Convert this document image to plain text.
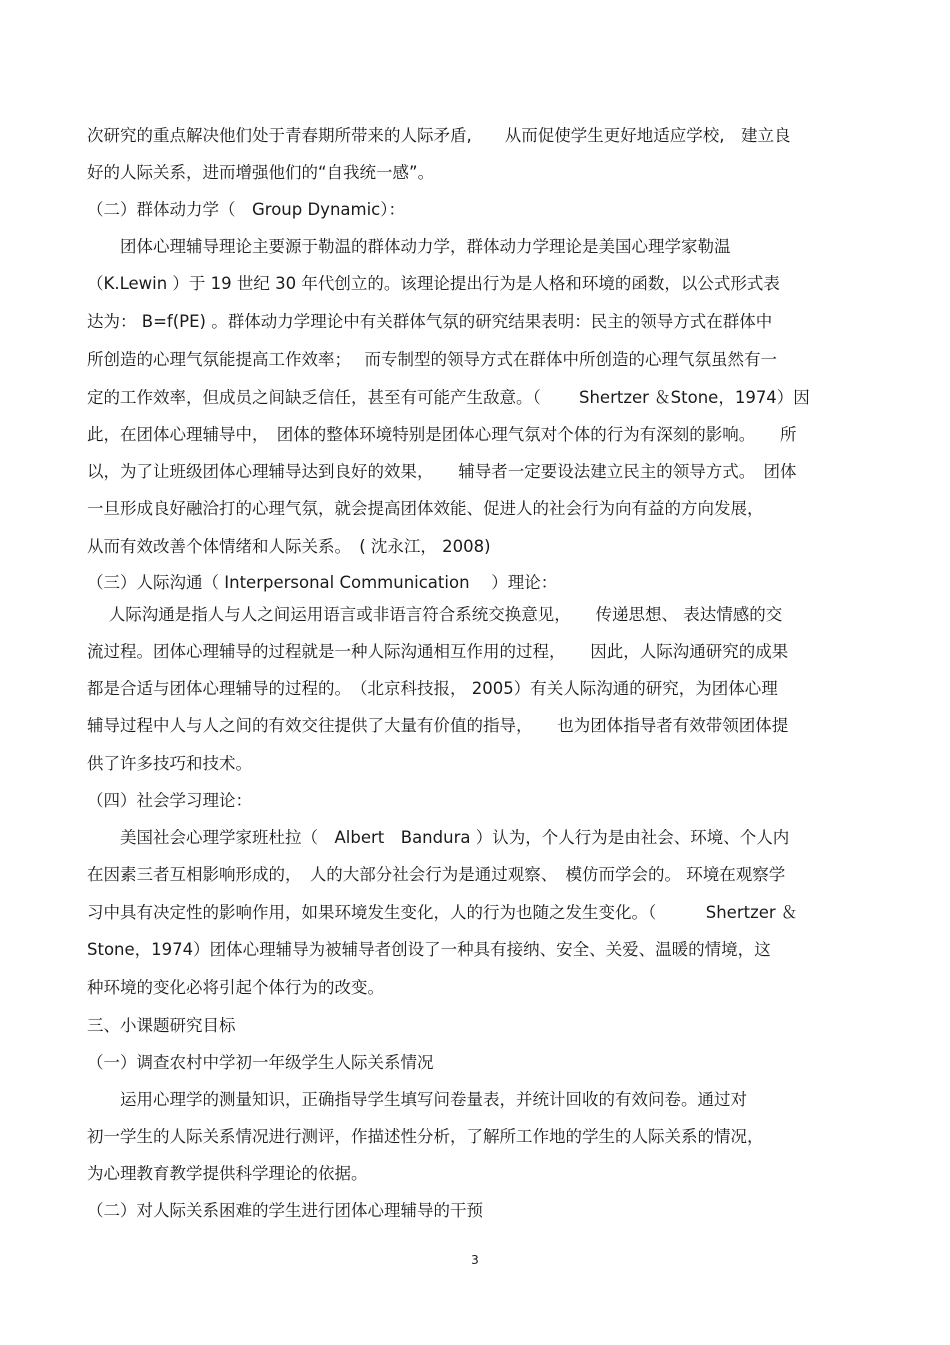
次研究的重点解决他们处于青春期所带来的人际矛盾,　　从而促使学生更好地适应学校,　建立良
好的人际关系，进而增强他们的“自我统一感”。
（二）群体动力学（　Group Dynamic）：
　　团体心理辅导理论主要源于勒温的群体动力学，群体动力学理论是美国心理学家勒温
（K.Lewin ）于 19 世纪 30 年代创立的。该理论提出行为是人格和环境的函数，以公式形式表
达为： B=f(PE) 。群体动力学理论中有关群体气氛的研究结果表明：民主的领导方式在群体中
所创造的心理气氛能提高工作效率；　 而专制型的领导方式在群体中所创造的心理气氛虽然有一
定的工作效率，但成员之间缺乏信任，甚至有可能产生敌意。（　　 Shertzer ＆Stone，1974）因
此，在团体心理辅导中，　团体的整体环境特别是团体心理气氛对个体的行为有深刻的影响。　　所
以，为了让班级团体心理辅导达到良好的效果，　　辅导者一定要设法建立民主的领导方式。　团体
一旦形成良好融洽打的心理气氛，就会提高团体效能、促进人的社会行为向有益的方向发展，
从而有效改善个体情绪和人际关系。　( 沈永江， 2008)
（三）人际沟通（ Interpersonal Communication　 ）理论：
　 人际沟通是指人与人之间运用语言或非语言符合系统交换意见，　　传递思想、 表达情感的交
流过程。团体心理辅导的过程就是一种人际沟通相互作用的过程，　　因此，人际沟通研究的成果
都是合适与团体心理辅导的过程的。　（北京科技报， 2005）有关人际沟通的研究，为团体心理
辅导过程中人与人之间的有效交往提供了大量有价值的指导，　　也为团体指导者有效带领团体提
供了许多技巧和技术。
（四）社会学习理论：
　　美国社会心理学家班杜拉（　Albert　Bandura ）认为，个人行为是由社会、环境、个人内
在因素三者互相影响形成的，　人的大部分社会行为是通过观察、　模仿而学会的。 环境在观察学
习中具有决定性的影响作用，如果环境发生变化，人的行为也随之发生变化。（　　　Shertzer ＆
Stone，1974）团体心理辅导为被辅导者创设了一种具有接纳、安全、关爱、温暖的情境，这
种环境的变化必将引起个体行为的改变。
三、小课题研究目标
（一）调查农村中学初一年级学生人际关系情况
　　运用心理学的测量知识，正确指导学生填写问卷量表，并统计回收的有效问卷。通过对
初一学生的人际关系情况进行测评，作描述性分析，了解所工作地的学生的人际关系的情况，
为心理教育教学提供科学理论的依据。
（二）对人际关系困难的学生进行团体心理辅导的干预
3
